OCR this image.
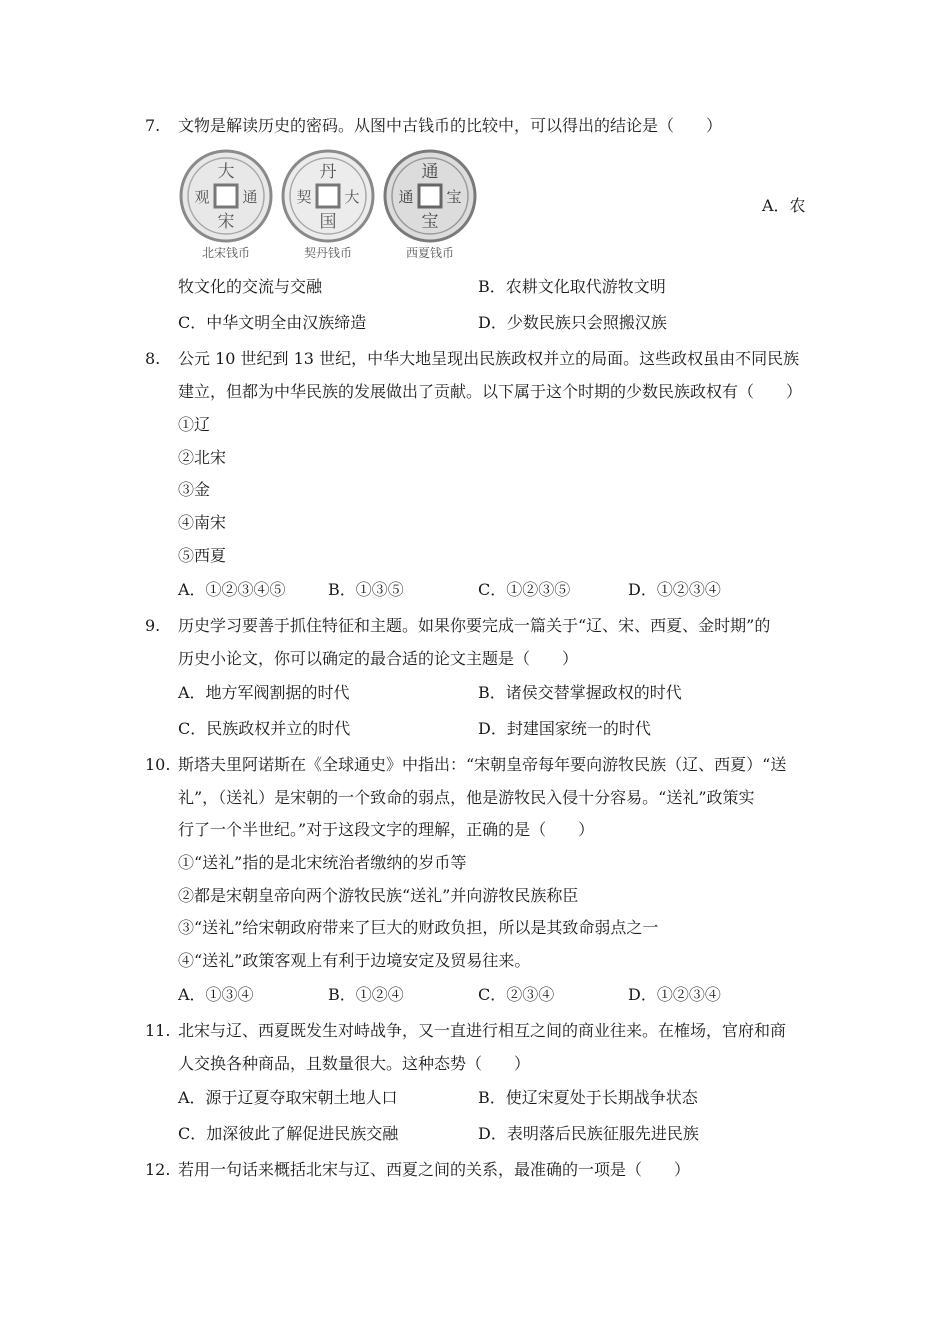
7.	文物是解读历史的密码。从图中古钱币的比较中，可以得出的结论是（　　）
大
通
宋
观
北宋钱币
丹
大
国
契
契丹钱币
通
宝
宝
通
西夏钱币
A．农
牧文化的交流与交融	B．农耕文化取代游牧文明
C．中华文明全由汉族缔造	D．少数民族只会照搬汉族
8.	公元 10 世纪到 13 世纪，中华大地呈现出民族政权并立的局面。这些政权虽由不同民族
建立，但都为中华民族的发展做出了贡献。以下属于这个时期的少数民族政权有（　　）
①辽
②北宋
③金
④南宋
⑤西夏
A．①②③④⑤	B．①③⑤	C．①②③⑤	D．①②③④
9.	历史学习要善于抓住特征和主题。如果你要完成一篇关于“辽、宋、西夏、金时期”的
历史小论文，你可以确定的最合适的论文主题是（　　）
A．地方军阀割据的时代	B．诸侯交替掌握政权的时代
C．民族政权并立的时代	D．封建国家统一的时代
10. 斯塔夫里阿诺斯在《全球通史》中指出：“宋朝皇帝每年要向游牧民族（辽、西夏）“送
礼”，（送礼）是宋朝的一个致命的弱点，他是游牧民入侵十分容易。“送礼”政策实
行了一个半世纪。”对于这段文字的理解，正确的是（　　）
①“送礼”指的是北宋统治者缴纳的岁币等
②都是宋朝皇帝向两个游牧民族“送礼”并向游牧民族称臣
③“送礼”给宋朝政府带来了巨大的财政负担，所以是其致命弱点之一
④“送礼”政策客观上有利于边境安定及贸易往来。
A．①③④	B．①②④	C．②③④	D．①②③④
11. 北宋与辽、西夏既发生对峙战争，又一直进行相互之间的商业往来。在榷场，官府和商
人交换各种商品，且数量很大。这种态势（　　）
A．源于辽夏夺取宋朝土地人口	B．使辽宋夏处于长期战争状态
C．加深彼此了解促进民族交融	D．表明落后民族征服先进民族
12. 若用一句话来概括北宋与辽、西夏之间的关系，最准确的一项是（　　）
